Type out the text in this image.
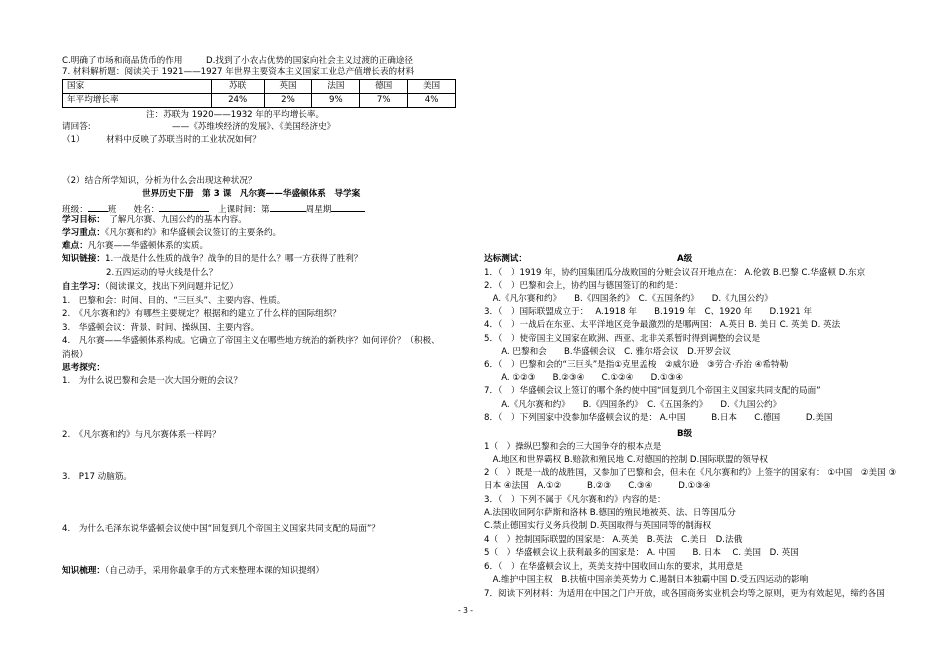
C.明确了市场和商品货币的作用	D.找到了小农占优势的国家向社会主义过渡的正确途径
7. 材料解析题：阅读关于 1921——1927 年世界主要资本主义国家工业总产值增长表的材料
国家	苏联	英国	法国	德国	美国
年平均增长率	24%	2%	9%	7%	4%
注：苏联为 1920——1932 年的平均增长率。
请回答:	——《苏维埃经济的发展》、《美国经济史》
（1）　　　材料中反映了苏联当时的工业状况如何？
（2）结合所学知识，分析为什么会出现这种状况？
世界历史下册　第 3 课　凡尔赛——华盛顿体系　导学案
班级： 班　　 姓名：　	上课时间：第	周星期
学习目标：　 了解凡尔赛、九国公约的基本内容。
学习重点：《凡尔赛和约》和华盛顿会议签订的主要条约。
难点：凡尔赛——华盛顿体系的实质。
知识链接：1.一战是什么性质的战争？战争的目的是什么？哪一方获得了胜利？
2.五四运动的导火线是什么？
自主学习：（阅读课文，找出下列问题并记忆）
1.　巴黎和会：时间、目的、“三巨头”、主要内容、性质。
2.　《凡尔赛和约》有哪些主要规定？根据和约建立了什么样的国际组织？
3.　华盛顿会议：背景、时间、操纵国、主要内容。
4.　凡尔赛——华盛顿体系构成。它确立了帝国主义在哪些地方统治的新秩序？如何评价？（积极、
消极）
思考探究：
1.　为什么说巴黎和会是一次大国分赃的会议？
2.　《凡尔赛和约》与凡尔赛体系一样吗？
3.　P17 动脑筋。
4.　为什么毛泽东说华盛顿会议使中国“回复到几个帝国主义国家共同支配的局面”？
知识梳理：（自己动手，采用你最拿手的方式来整理本课的知识提纲）
达标测试：	A级
1．（　）1919 年，协约国集团瓜分战败国的分赃会议召开地点在： A.伦敦 B.巴黎 C.华盛顿 D.东京
2．（　）巴黎和会上，协约国与德国签订的和约是：
　A.《凡尔赛和约》　　B.《四国条约》　C.《五国条约》　　D.《九国公约》
3．（　）国际联盟成立于：　 A.1918 年　　B.1919 年　C、1920 年　　D.1921 年
4．（　）一战后在东亚、太平洋地区竞争最激烈的是哪两国： A.英日 B. 美日 C. 英美 D. 英法
5．（　）使帝国主义国家在欧洲、西亚、北非关系暂时得到调整的会议是
　　A. 巴黎和会　　B.华盛顿会议　C. 雅尔塔会议　D.开罗会议
6．（　）巴黎和会的“三巨头”是指①克里孟梭　②威尔逊　③劳合·乔治 ④希特勒
　　A. ①②③　　B.②③④　　C.①②④　　D.①③④
7．（　）华盛顿会议上签订的哪个条约使中国“回复到几个帝国主义国家共同支配的局面”
　　A.《凡尔赛和约》　　B.《四国条约》　C.《五国条约》　　D.《九国公约》
8．（　）下列国家中没参加华盛顿会议的是： A.中国　　　B.日本　　C.德国　　　D.美国
B级
1（　）操纵巴黎和会的三大国争夺的根本点是
　A.地区和世界霸权 B.赔款和殖民地 C.对德国的控制 D.国际联盟的领导权
2（　）既是一战的战胜国，又参加了巴黎和会，但未在《凡尔赛和约》上签字的国家有： ①中国　②美国 ③
日本 ④法国　A.①②　　　B.②③　　C.③④　　　D.①③④
3．（　）下列不属于《凡尔赛和约》内容的是：
A.法国收回阿尔萨斯和洛林 B.德国的殖民地被英、法、日等国瓜分
C.禁止德国实行义务兵役制 D.英国取得与英国同等的制海权
4（　）控制国际联盟的国家是： A.英美　B.英法　C.美日　D.法俄
5（　）华盛顿会议上获利最多的国家是： A. 中国　　B. 日本　 C. 美国　D. 英国
6．（　）在华盛顿会议上，英美支持中国收回山东的要求，其用意是
　A.维护中国主权　B.扶植中国亲美英势力 C.遏制日本独霸中国 D.受五四运动的影响
7．阅读下列材料：为适用在中国之门户开放，或各国商务实业机会均等之原则，更为有效起见，缔约各国
- 3 -
